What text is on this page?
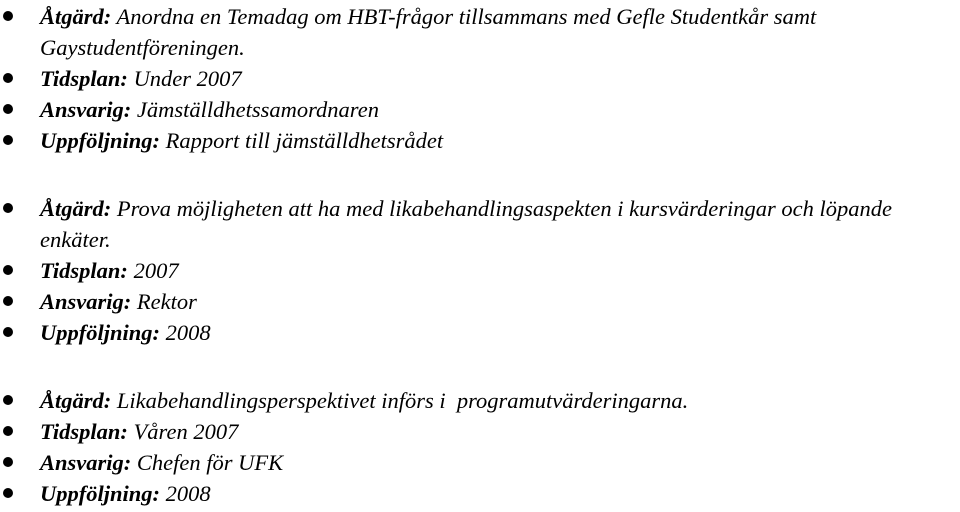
Åtgärd: Anordna en Temadag om HBT-frågor tillsammans med Gefle Studentkår samt Gaystudentföreningen.
Tidsplan: Under 2007
Ansvarig: Jämställdhetssamordnaren
Uppföljning: Rapport till jämställdhetsrådet
Åtgärd: Prova möjligheten att ha med likabehandlingsaspekten i kursvärderingar och löpande enkäter.
Tidsplan: 2007
Ansvarig: Rektor
Uppföljning: 2008
Åtgärd: Likabehandlingsperspektivet införs i  programutvärderingarna.
Tidsplan: Våren 2007
Ansvarig: Chefen för UFK
Uppföljning: 2008
